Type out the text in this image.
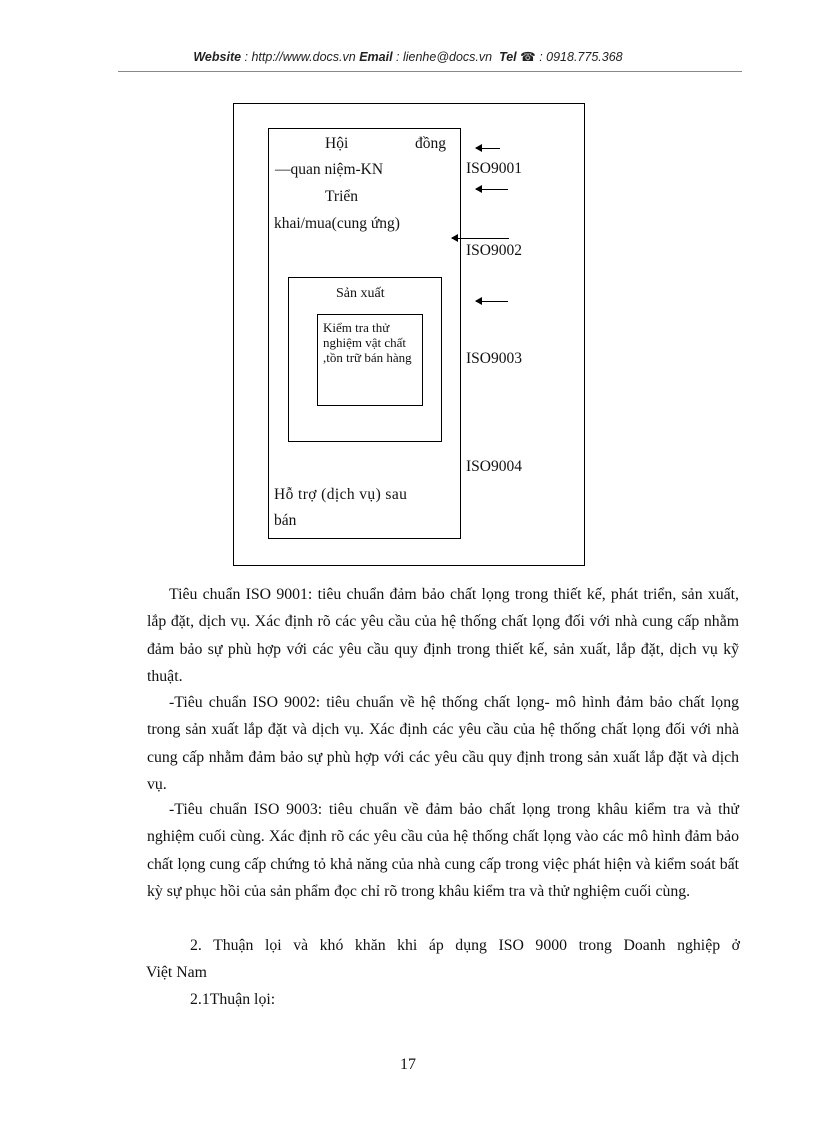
Website : http://www.docs.vn Email : lienhe@docs.vn Tel ☎ : 0918.775.368
Hội	đồng
—quan niệm-KN
Triển
khai/mua(cung ứng)
Sản xuất
Kiểm tra thử nghiệm vật chất ,tồn trữ bán hàng
Hỗ trợ (dịch vụ) sau
bán
ISO9001
ISO9002
ISO9003
ISO9004
Tiêu chuẩn ISO 9001: tiêu chuẩn đảm bảo chất lọng trong thiết kế, phát triển, sản xuất, lắp đặt, dịch vụ. Xác định rõ các yêu cầu của hệ thống chất lọng đối với nhà cung cấp nhằm đảm bảo sự phù hợp với các yêu cầu quy định trong thiết kế, sản xuất, lắp đặt, dịch vụ kỹ thuật.
-Tiêu chuẩn ISO 9002: tiêu chuẩn về hệ thống chất lọng- mô hình đảm bảo chất lọng trong sản xuất lắp đặt và dịch vụ. Xác định các yêu cầu của hệ thống chất lọng đối với nhà cung cấp nhằm đảm bảo sự phù hợp với các yêu cầu quy định trong sản xuất lắp đặt và dịch vụ.
-Tiêu chuẩn ISO 9003: tiêu chuẩn về đảm bảo chất lọng trong khâu kiểm tra và thử nghiệm cuối cùng. Xác định rõ các yêu cầu của hệ thống chất lọng vào các mô hình đảm bảo chất lọng cung cấp chứng tỏ khả năng của nhà cung cấp trong việc phát hiện và kiểm soát bất kỳ sự phục hồi của sản phẩm đọc chỉ rõ trong khâu kiểm tra và thử nghiệm cuối cùng.
2. Thuận lọi và khó khăn khi áp dụng ISO 9000 trong Doanh nghiệp ở
Việt Nam
2.1Thuận lọi:
17
